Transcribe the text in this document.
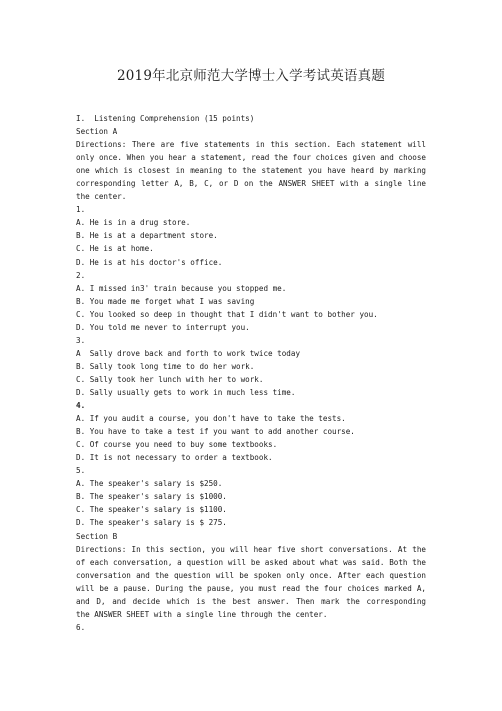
2019年北京师范大学博士入学考试英语真题
I.  Listening Comprehension (15 points)
Section A
Directions: There are five statements in this section. Each statement will
only once. When you hear a statement, read the four choices given and choose
one which is closest in meaning to the statement you have heard by marking
corresponding letter A, B, C, or D on the ANSWER SHEET with a single line
the center.
1.
A. He is in a drug store.
B. He is at a department store.
C. He is at home.
D. He is at his doctor's office.
2.
A. I missed in3' train because you stopped me.
B. You made me forget what I was saving
C. You looked so deep in thought that I didn't want to bother you.
D. You told me never to interrupt you.
3.
A  Sally drove back and forth to work twice today
B. Sally took long time to do her work.
C. Sally took her lunch with her to work.
D. Sally usually gets to work in much less time.
4.
A. If you audit a course, you don't have to take the tests.
B. You have to take a test if you want to add another course.
C. Of course you need to buy some textbooks.
D. It is not necessary to order a textbook.
5.
A. The speaker's salary is $250.
B. The speaker's salary is $1000.
C. The speaker's salary is $1100.
D. The speaker's salary is $ 275.
Section B
Directions: In this section, you will hear five short conversations. At the
of each conversation, a question will be asked about what was said. Both the
conversation and the question will be spoken only once. After each question
will be a pause. During the pause, you must read the four choices marked A,
and D, and decide which is the best answer. Then mark the corresponding
the ANSWER SHEET with a single line through the center.
6.
